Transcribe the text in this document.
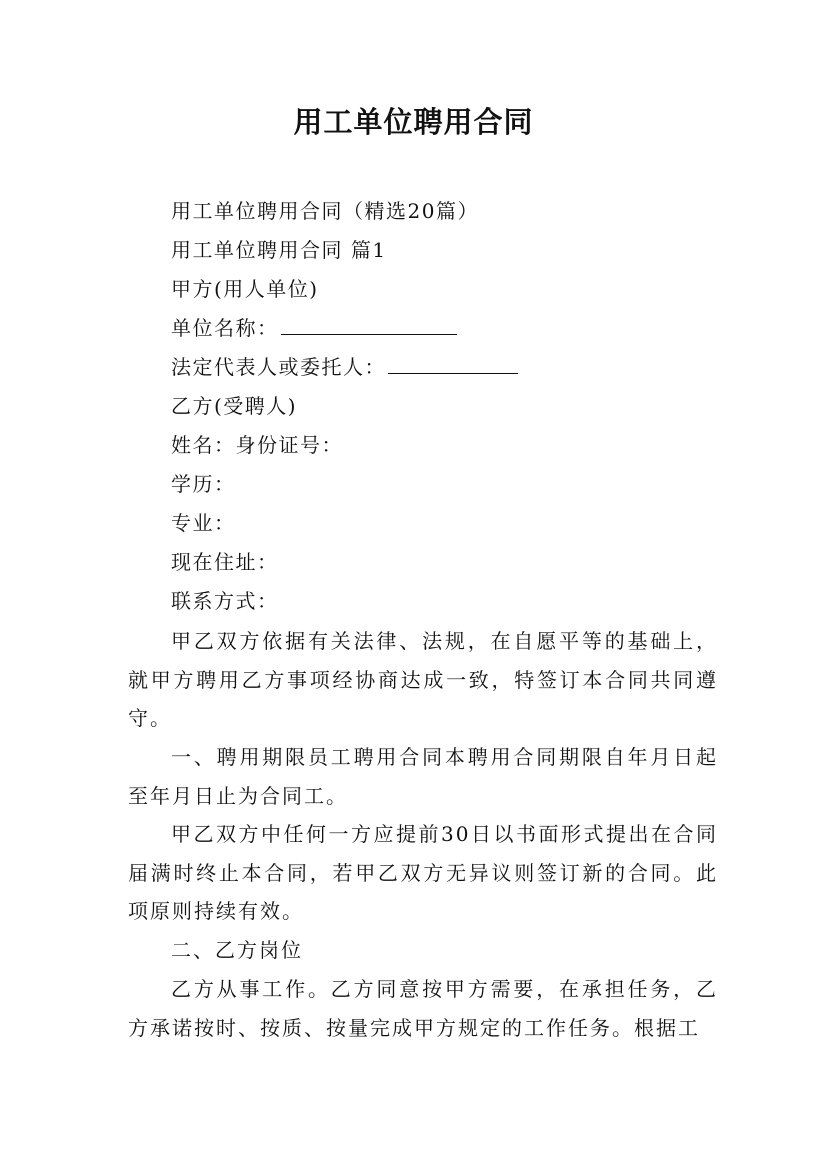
用工单位聘用合同
用工单位聘用合同（精选20篇）
用工单位聘用合同 篇1
甲方(用人单位)
单位名称：
法定代表人或委托人：
乙方(受聘人)
姓名：身份证号：
学历：
专业：
现在住址：
联系方式：
甲乙双方依据有关法律、法规，在自愿平等的基础上，就甲方聘用乙方事项经协商达成一致，特签订本合同共同遵守。
一、聘用期限员工聘用合同本聘用合同期限自年月日起至年月日止为合同工。
甲乙双方中任何一方应提前30日以书面形式提出在合同届满时终止本合同，若甲乙双方无异议则签订新的合同。此项原则持续有效。
二、乙方岗位
乙方从事工作。乙方同意按甲方需要，在承担任务，乙方承诺按时、按质、按量完成甲方规定的工作任务。根据工
